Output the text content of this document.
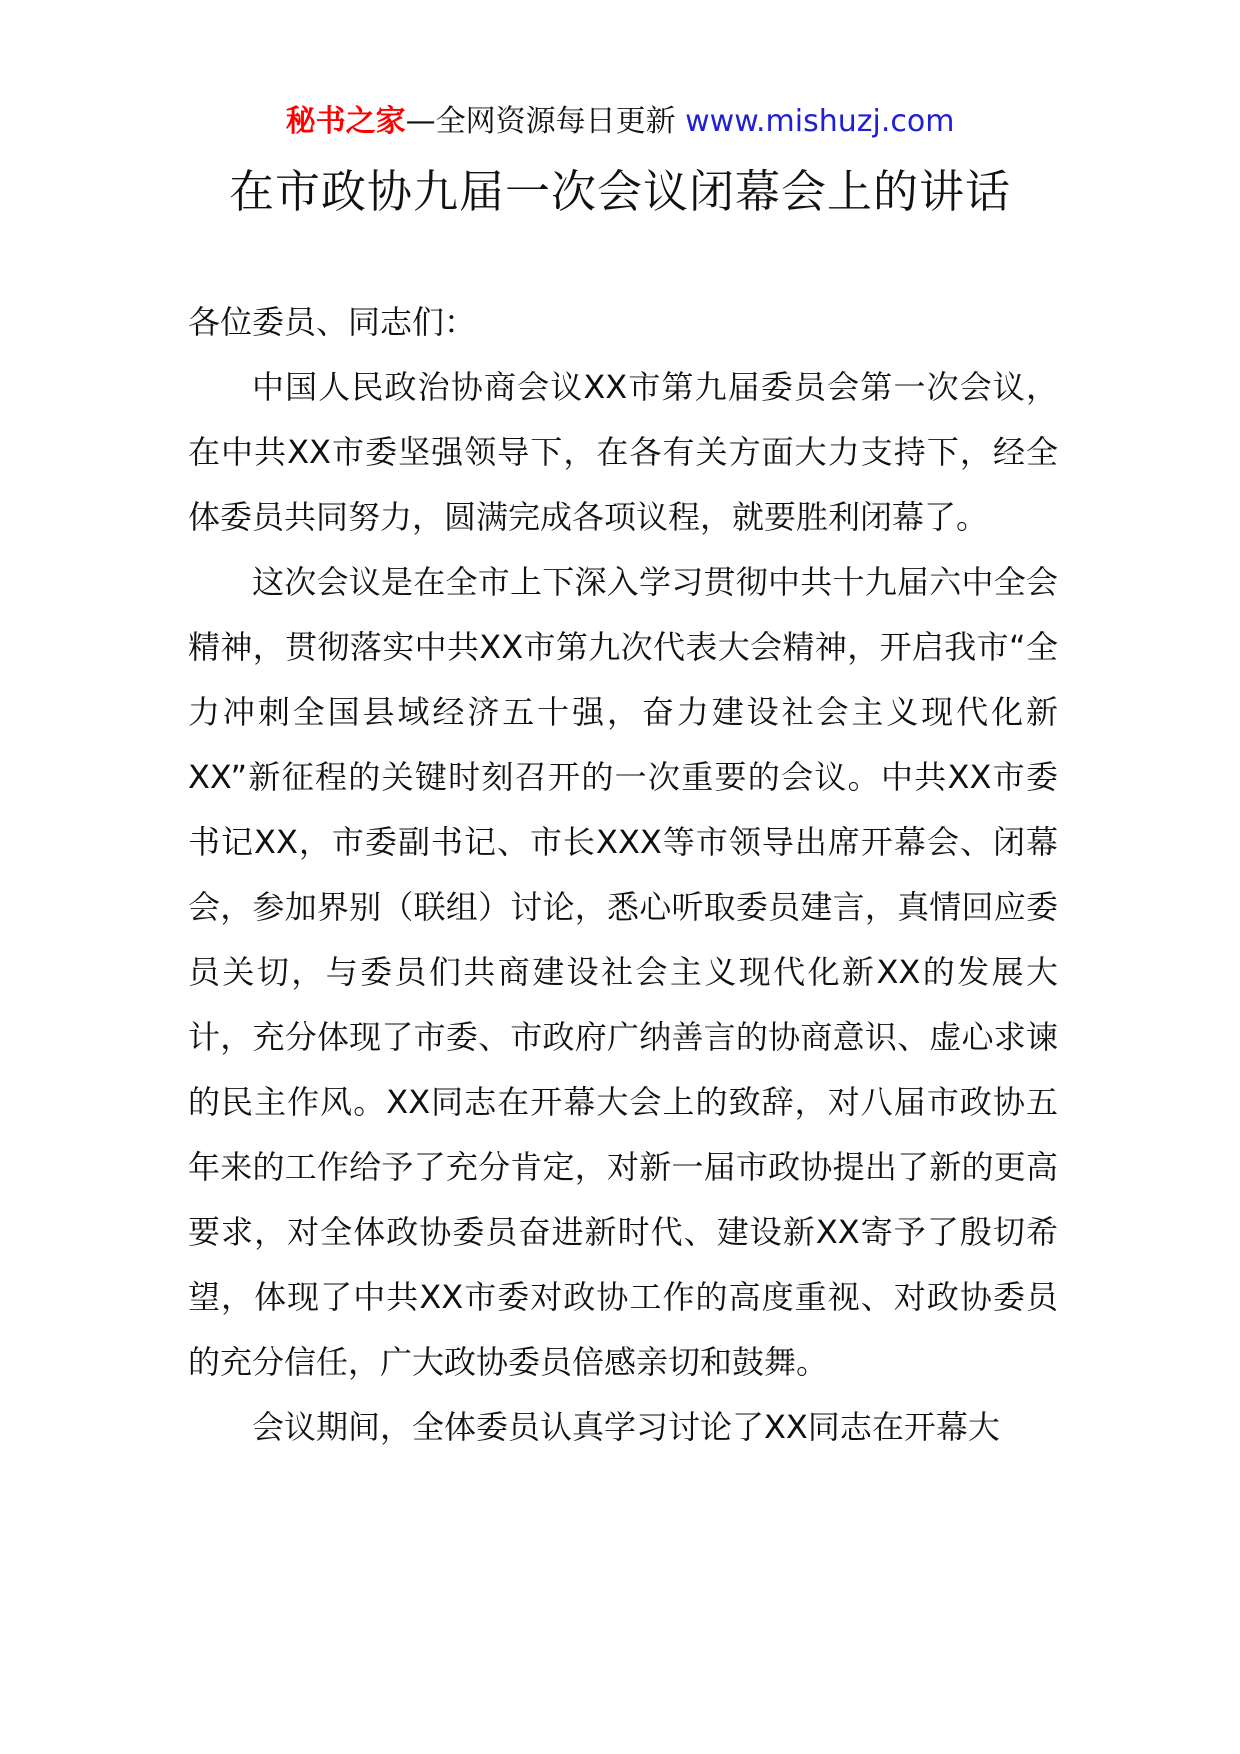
秘书之家—全网资源每日更新 www.mishuzj.com
在市政协九届一次会议闭幕会上的讲话

各位委员、同志们：

中国人民政治协商会议XX市第九届委员会第一次会议，在中共XX市委坚强领导下，在各有关方面大力支持下，经全体委员共同努力，圆满完成各项议程，就要胜利闭幕了。

这次会议是在全市上下深入学习贯彻中共十九届六中全会精神，贯彻落实中共XX市第九次代表大会精神，开启我市“全力冲刺全国县域经济五十强，奋力建设社会主义现代化新XX”新征程的关键时刻召开的一次重要的会议。中共XX市委书记XX，市委副书记、市长XXX等市领导出席开幕会、闭幕会，参加界别（联组）讨论，悉心听取委员建言，真情回应委员关切，与委员们共商建设社会主义现代化新XX的发展大计，充分体现了市委、市政府广纳善言的协商意识、虚心求谏的民主作风。XX同志在开幕大会上的致辞，对八届市政协五年来的工作给予了充分肯定，对新一届市政协提出了新的更高要求，对全体政协委员奋进新时代、建设新XX寄予了殷切希望，体现了中共XX市委对政协工作的高度重视、对政协委员的充分信任，广大政协委员倍感亲切和鼓舞。

会议期间，全体委员认真学习讨论了XX同志在开幕大
